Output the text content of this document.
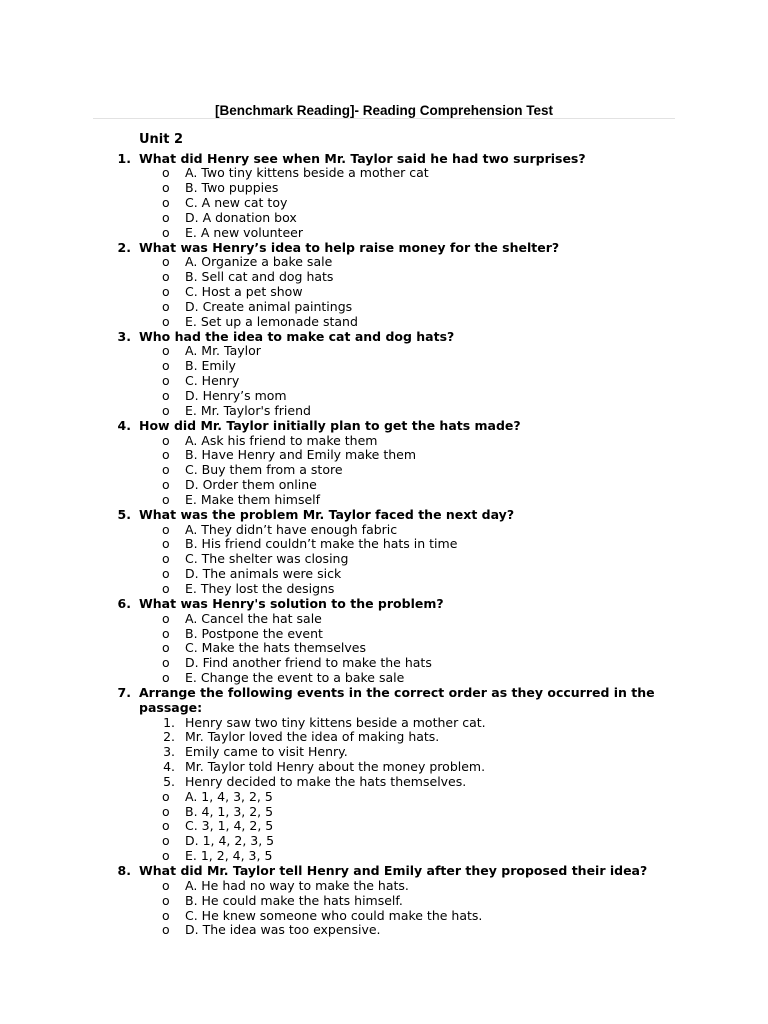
[Benchmark Reading]- Reading Comprehension Test
Unit 2
1. What did Henry see when Mr. Taylor said he had two surprises?
o A. Two tiny kittens beside a mother cat
o B. Two puppies
o C. A new cat toy
o D. A donation box
o E. A new volunteer
2. What was Henry’s idea to help raise money for the shelter?
o A. Organize a bake sale
o B. Sell cat and dog hats
o C. Host a pet show
o D. Create animal paintings
o E. Set up a lemonade stand
3. Who had the idea to make cat and dog hats?
o A. Mr. Taylor
o B. Emily
o C. Henry
o D. Henry’s mom
o E. Mr. Taylor's friend
4. How did Mr. Taylor initially plan to get the hats made?
o A. Ask his friend to make them
o B. Have Henry and Emily make them
o C. Buy them from a store
o D. Order them online
o E. Make them himself
5. What was the problem Mr. Taylor faced the next day?
o A. They didn’t have enough fabric
o B. His friend couldn’t make the hats in time
o C. The shelter was closing
o D. The animals were sick
o E. They lost the designs
6. What was Henry's solution to the problem?
o A. Cancel the hat sale
o B. Postpone the event
o C. Make the hats themselves
o D. Find another friend to make the hats
o E. Change the event to a bake sale
7. Arrange the following events in the correct order as they occurred in the passage:
1. Henry saw two tiny kittens beside a mother cat.
2. Mr. Taylor loved the idea of making hats.
3. Emily came to visit Henry.
4. Mr. Taylor told Henry about the money problem.
5. Henry decided to make the hats themselves.
o A. 1, 4, 3, 2, 5
o B. 4, 1, 3, 2, 5
o C. 3, 1, 4, 2, 5
o D. 1, 4, 2, 3, 5
o E. 1, 2, 4, 3, 5
8. What did Mr. Taylor tell Henry and Emily after they proposed their idea?
o A. He had no way to make the hats.
o B. He could make the hats himself.
o C. He knew someone who could make the hats.
o D. The idea was too expensive.
